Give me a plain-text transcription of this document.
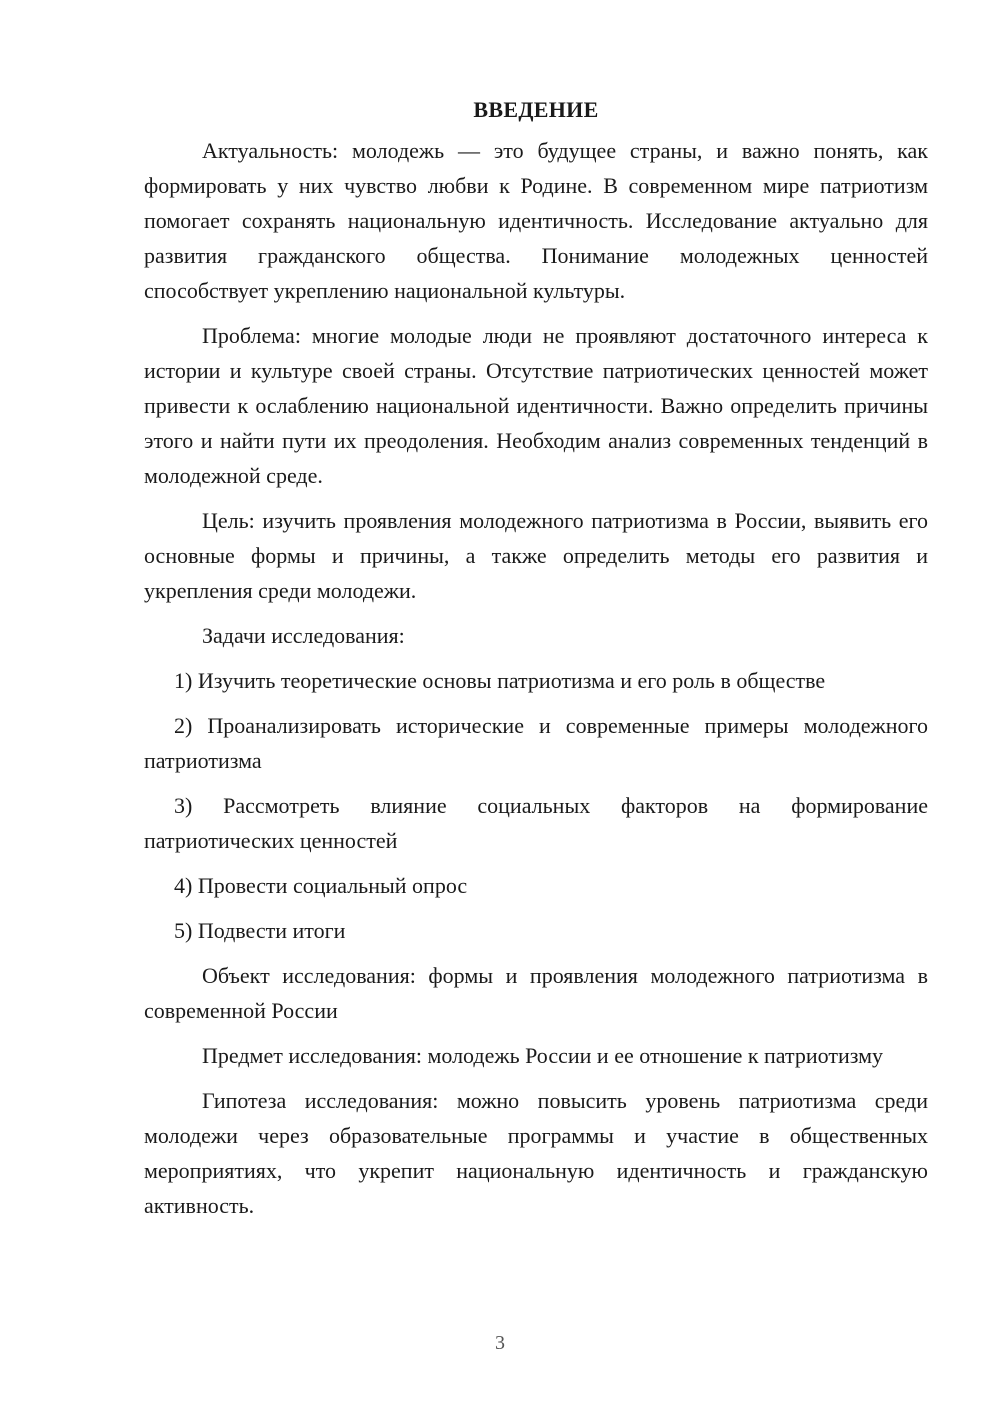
ВВЕДЕНИЕ

Актуальность: молодежь — это будущее страны, и важно понять, как формировать у них чувство любви к Родине. В современном мире патриотизм помогает сохранять национальную идентичность. Исследование актуально для развития гражданского общества. Понимание молодежных ценностей способствует укреплению национальной культуры.

Проблема: многие молодые люди не проявляют достаточного интереса к истории и культуре своей страны. Отсутствие патриотических ценностей может привести к ослаблению национальной идентичности. Важно определить причины этого и найти пути их преодоления. Необходим анализ современных тенденций в молодежной среде.

Цель: изучить проявления молодежного патриотизма в России, выявить его основные формы и причины, а также определить методы его развития и укрепления среди молодежи.

Задачи исследования:

1) Изучить теоретические основы патриотизма и его роль в обществе

2) Проанализировать исторические и современные примеры молодежного патриотизма

3) Рассмотреть влияние социальных факторов на формирование патриотических ценностей

4) Провести социальный опрос

5) Подвести итоги

Объект исследования: формы и проявления молодежного патриотизма в современной России

Предмет исследования: молодежь России и ее отношение к патриотизму

Гипотеза исследования: можно повысить уровень патриотизма среди молодежи через образовательные программы и участие в общественных мероприятиях, что укрепит национальную идентичность и гражданскую активность.

3
